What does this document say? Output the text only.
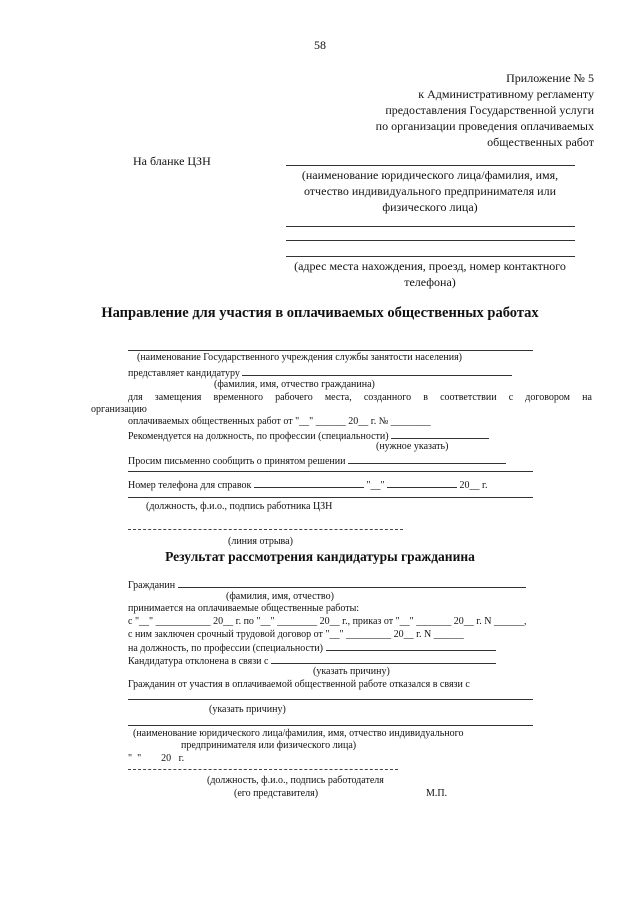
58
Приложение № 5
к Административному регламенту
предоставления Государственной услуги
по организации проведения оплачиваемых
общественных работ
На бланке ЦЗН
(наименование юридического лица/фамилия, имя,
отчество индивидуального предпринимателя или
физического лица)
(адрес места нахождения, проезд, номер контактного
телефона)
Направление для участия в оплачиваемых общественных работах
(наименование Государственного учреждения службы занятости населения)
представляет кандидатуру
(фамилия, имя, отчество гражданина)
для замещения временного рабочего места, созданного в соответствии с договором на
организацию
оплачиваемых общественных работ от "__" ______ 20__ г. № ________
Рекомендуется на должность, по профессии (специальности)
(нужное указать)
Просим письменно сообщить о принятом решении
Номер телефона для справок	"__"	20__ г.
(должность, ф.и.о., подпись работника ЦЗН
(линия отрыва)
Результат рассмотрения кандидатуры гражданина
Гражданин
(фамилия, имя, отчество)
принимается на оплачиваемые общественные работы:
с "__" ___________ 20__ г. по "__" ________ 20__ г., приказ от "__" _______ 20__ г. N ______,
с ним заключен срочный трудовой договор от "__" _________ 20__ г. N ______
на должность, по профессии (специальности)
Кандидатура отклонена в связи с
(указать причину)
Гражданин от участия в оплачиваемой общественной работе отказался в связи с
(указать причину)
(наименование юридического лица/фамилия, имя, отчество индивидуального
предпринимателя или физического лица)
"  "        20   г.
(должность, ф.и.о., подпись работодателя
(его представителя)	М.П.
